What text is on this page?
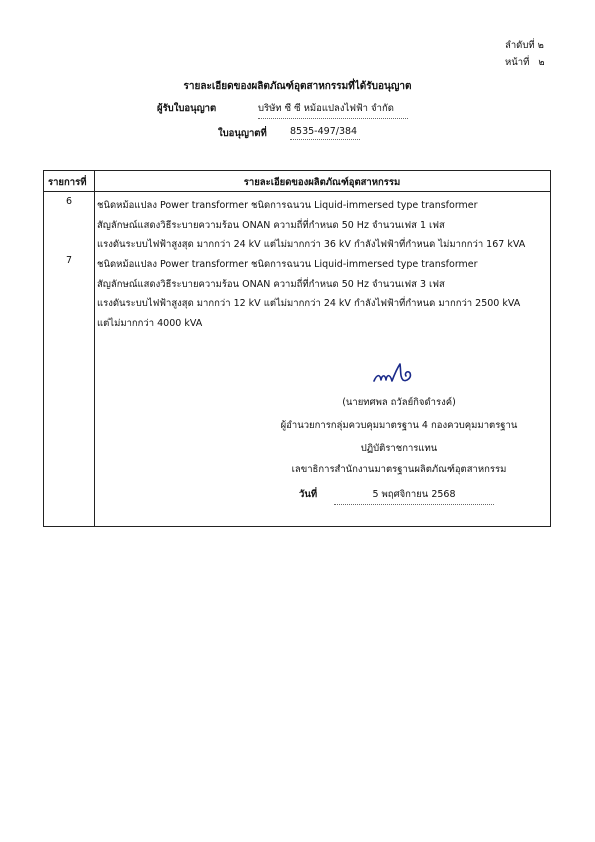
ลำดับที่ ๒
หน้าที่ ๒
รายละเอียดของผลิตภัณฑ์อุตสาหกรรมที่ได้รับอนุญาต
ผู้รับใบอนุญาต	บริษัท ซี ซี หม้อแปลงไฟฟ้า จำกัด
ใบอนุญาตที่ 8535-497/384
รายการที่	รายละเอียดของผลิตภัณฑ์อุตสาหกรรม
6	ชนิดหม้อแปลง Power transformer ชนิดการฉนวน Liquid-immersed type transformer
สัญลักษณ์แสดงวิธีระบายความร้อน ONAN ความถี่ที่กำหนด 50 Hz จำนวนเฟส 1 เฟส
แรงดันระบบไฟฟ้าสูงสุด มากกว่า 24 kV แต่ไม่มากกว่า 36 kV กำลังไฟฟ้าที่กำหนด ไม่มากกว่า 167 kVA
7	ชนิดหม้อแปลง Power transformer ชนิดการฉนวน Liquid-immersed type transformer
สัญลักษณ์แสดงวิธีระบายความร้อน ONAN ความถี่ที่กำหนด 50 Hz จำนวนเฟส 3 เฟส
แรงดันระบบไฟฟ้าสูงสุด มากกว่า 12 kV แต่ไม่มากกว่า 24 kV กำลังไฟฟ้าที่กำหนด มากกว่า 2500 kVA
แต่ไม่มากกว่า 4000 kVA
(นายทศพล ถวัลย์กิจดำรงค์)
ผู้อำนวยการกลุ่มควบคุมมาตรฐาน 4 กองควบคุมมาตรฐาน
ปฏิบัติราชการแทน
เลขาธิการสำนักงานมาตรฐานผลิตภัณฑ์อุตสาหกรรม
วันที่	5 พฤศจิกายน 2568
